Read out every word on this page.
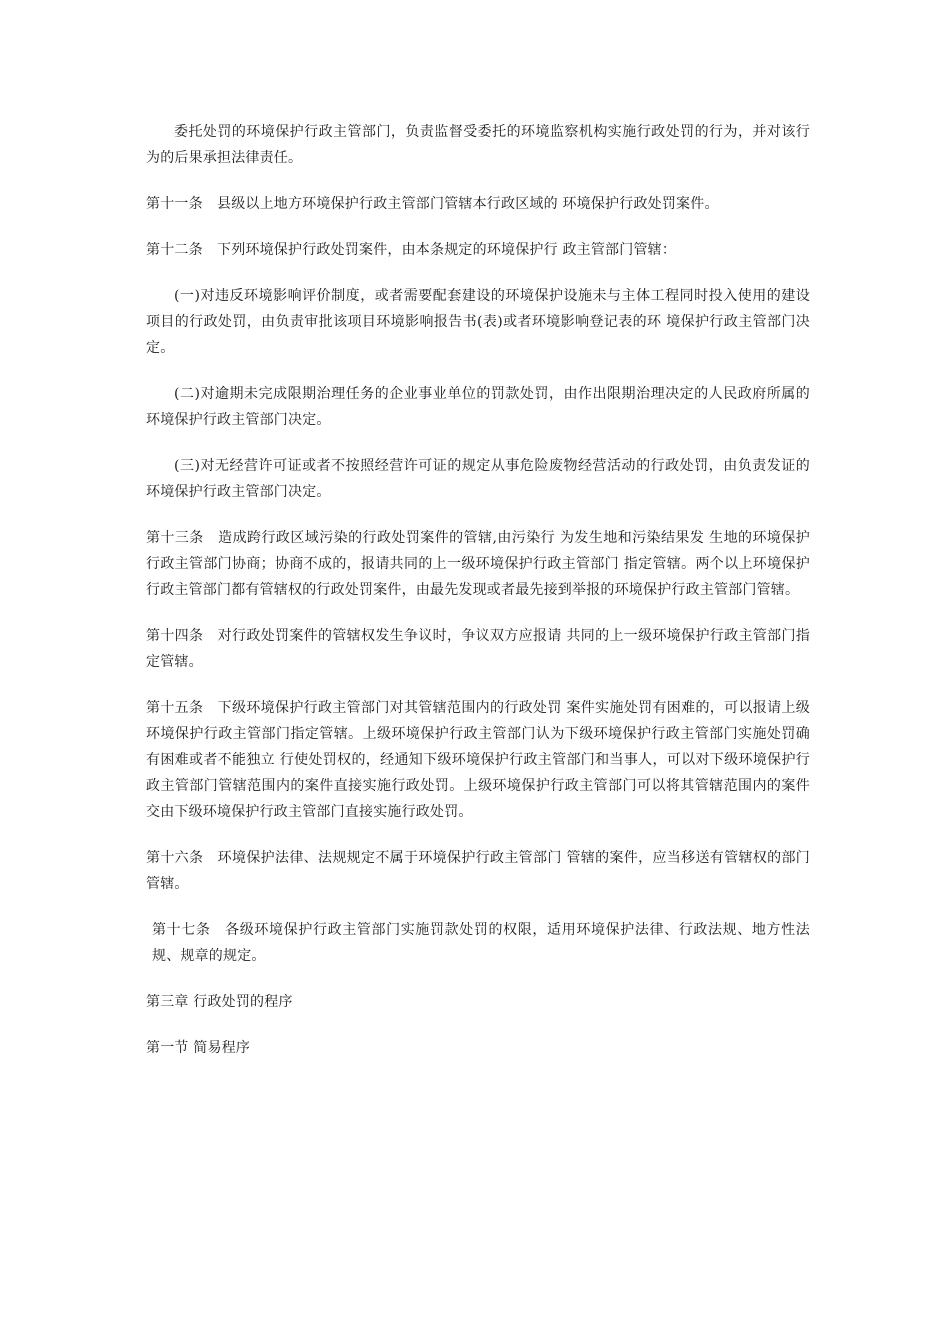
委托处罚的环境保护行政主管部门，负责监督受委托的环境监察机构实施行政处罚的行为，并对该行为的后果承担法律责任。

第十一条　县级以上地方环境保护行政主管部门管辖本行政区域的 环境保护行政处罚案件。

第十二条　下列环境保护行政处罚案件，由本条规定的环境保护行 政主管部门管辖：

(一)对违反环境影响评价制度，或者需要配套建设的环境保护设施未与主体工程同时投入使用的建设项目的行政处罚，由负责审批该项目环境影响报告书(表)或者环境影响登记表的环 境保护行政主管部门决定。

(二)对逾期未完成限期治理任务的企业事业单位的罚款处罚，由作出限期治理决定的人民政府所属的环境保护行政主管部门决定。

(三)对无经营许可证或者不按照经营许可证的规定从事危险废物经营活动的行政处罚，由负责发证的环境保护行政主管部门决定。

第十三条　造成跨行政区域污染的行政处罚案件的管辖,由污染行 为发生地和污染结果发 生地的环境保护行政主管部门协商；协商不成的，报请共同的上一级环境保护行政主管部门 指定管辖。两个以上环境保护行政主管部门都有管辖权的行政处罚案件，由最先发现或者最先接到举报的环境保护行政主管部门管辖。

第十四条　对行政处罚案件的管辖权发生争议时，争议双方应报请 共同的上一级环境保护行政主管部门指定管辖。

第十五条　下级环境保护行政主管部门对其管辖范围内的行政处罚 案件实施处罚有困难的，可以报请上级环境保护行政主管部门指定管辖。上级环境保护行政主管部门认为下级环境保护行政主管部门实施处罚确有困难或者不能独立 行使处罚权的，经通知下级环境保护行政主管部门和当事人，可以对下级环境保护行政主管部门管辖范围内的案件直接实施行政处罚。上级环境保护行政主管部门可以将其管辖范围内的案件交由下级环境保护行政主管部门直接实施行政处罚。

第十六条　环境保护法律、法规规定不属于环境保护行政主管部门 管辖的案件，应当移送有管辖权的部门管辖。

第十七条　各级环境保护行政主管部门实施罚款处罚的权限，适用环境保护法律、行政法规、地方性法规、规章的规定。

第三章 行政处罚的程序

第一节 简易程序
